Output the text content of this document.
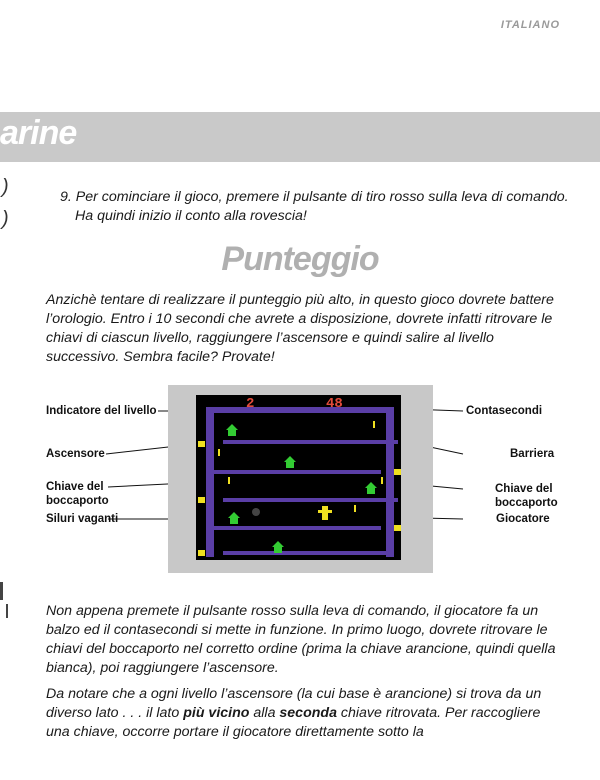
ITALIANO
arine
)
)

9. Per cominciare il gioco, premere il pulsante di tiro rosso sulla leva di comando. Ha quindi inizio il conto alla rovescia!

Punteggio

Anzichè tentare di realizzare il punteggio più alto, in questo gioco dovrete battere l’orologio. Entro i 10 secondi che avrete a disposizione, dovrete infatti ritrovare le chiavi di ciascun livello, raggiungere l’ascensore e quindi salire al livello successivo. Sembra facile? Provate!

2	48
Indicatore del livello
Ascensore
Chiave del boccaporto
Siluri vaganti
Contasecondi
Barriera
Chiave del boccaporto
Giocatore

Non appena premete il pulsante rosso sulla leva di comando, il giocatore fa un balzo ed il contasecondi si mette in funzione. In primo luogo, dovrete ritrovare le chiavi del boccaporto nel corretto ordine (prima la chiave arancione, quindi quella bianca), poi raggiungere l’ascensore.

Da notare che a ogni livello l’ascensore (la cui base è arancione) si trova da un diverso lato . . . il lato più vicino alla seconda chiave ritrovata. Per raccogliere una chiave, occorre portare il giocatore direttamente sotto la
